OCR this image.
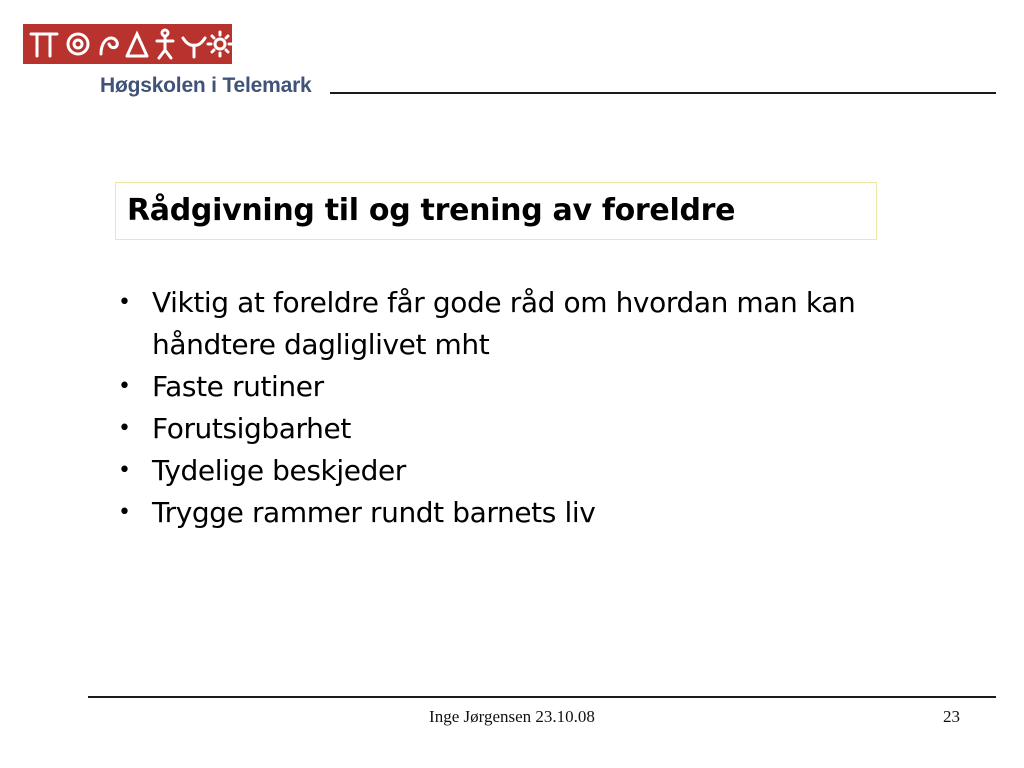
Høgskolen i Telemark
Rådgivning til og trening av foreldre
• Viktig at foreldre får gode råd om hvordan man kan håndtere dagliglivet mht
• Faste rutiner
• Forutsigbarhet
• Tydelige beskjeder
• Trygge rammer rundt barnets liv
Inge Jørgensen 23.10.08	23
